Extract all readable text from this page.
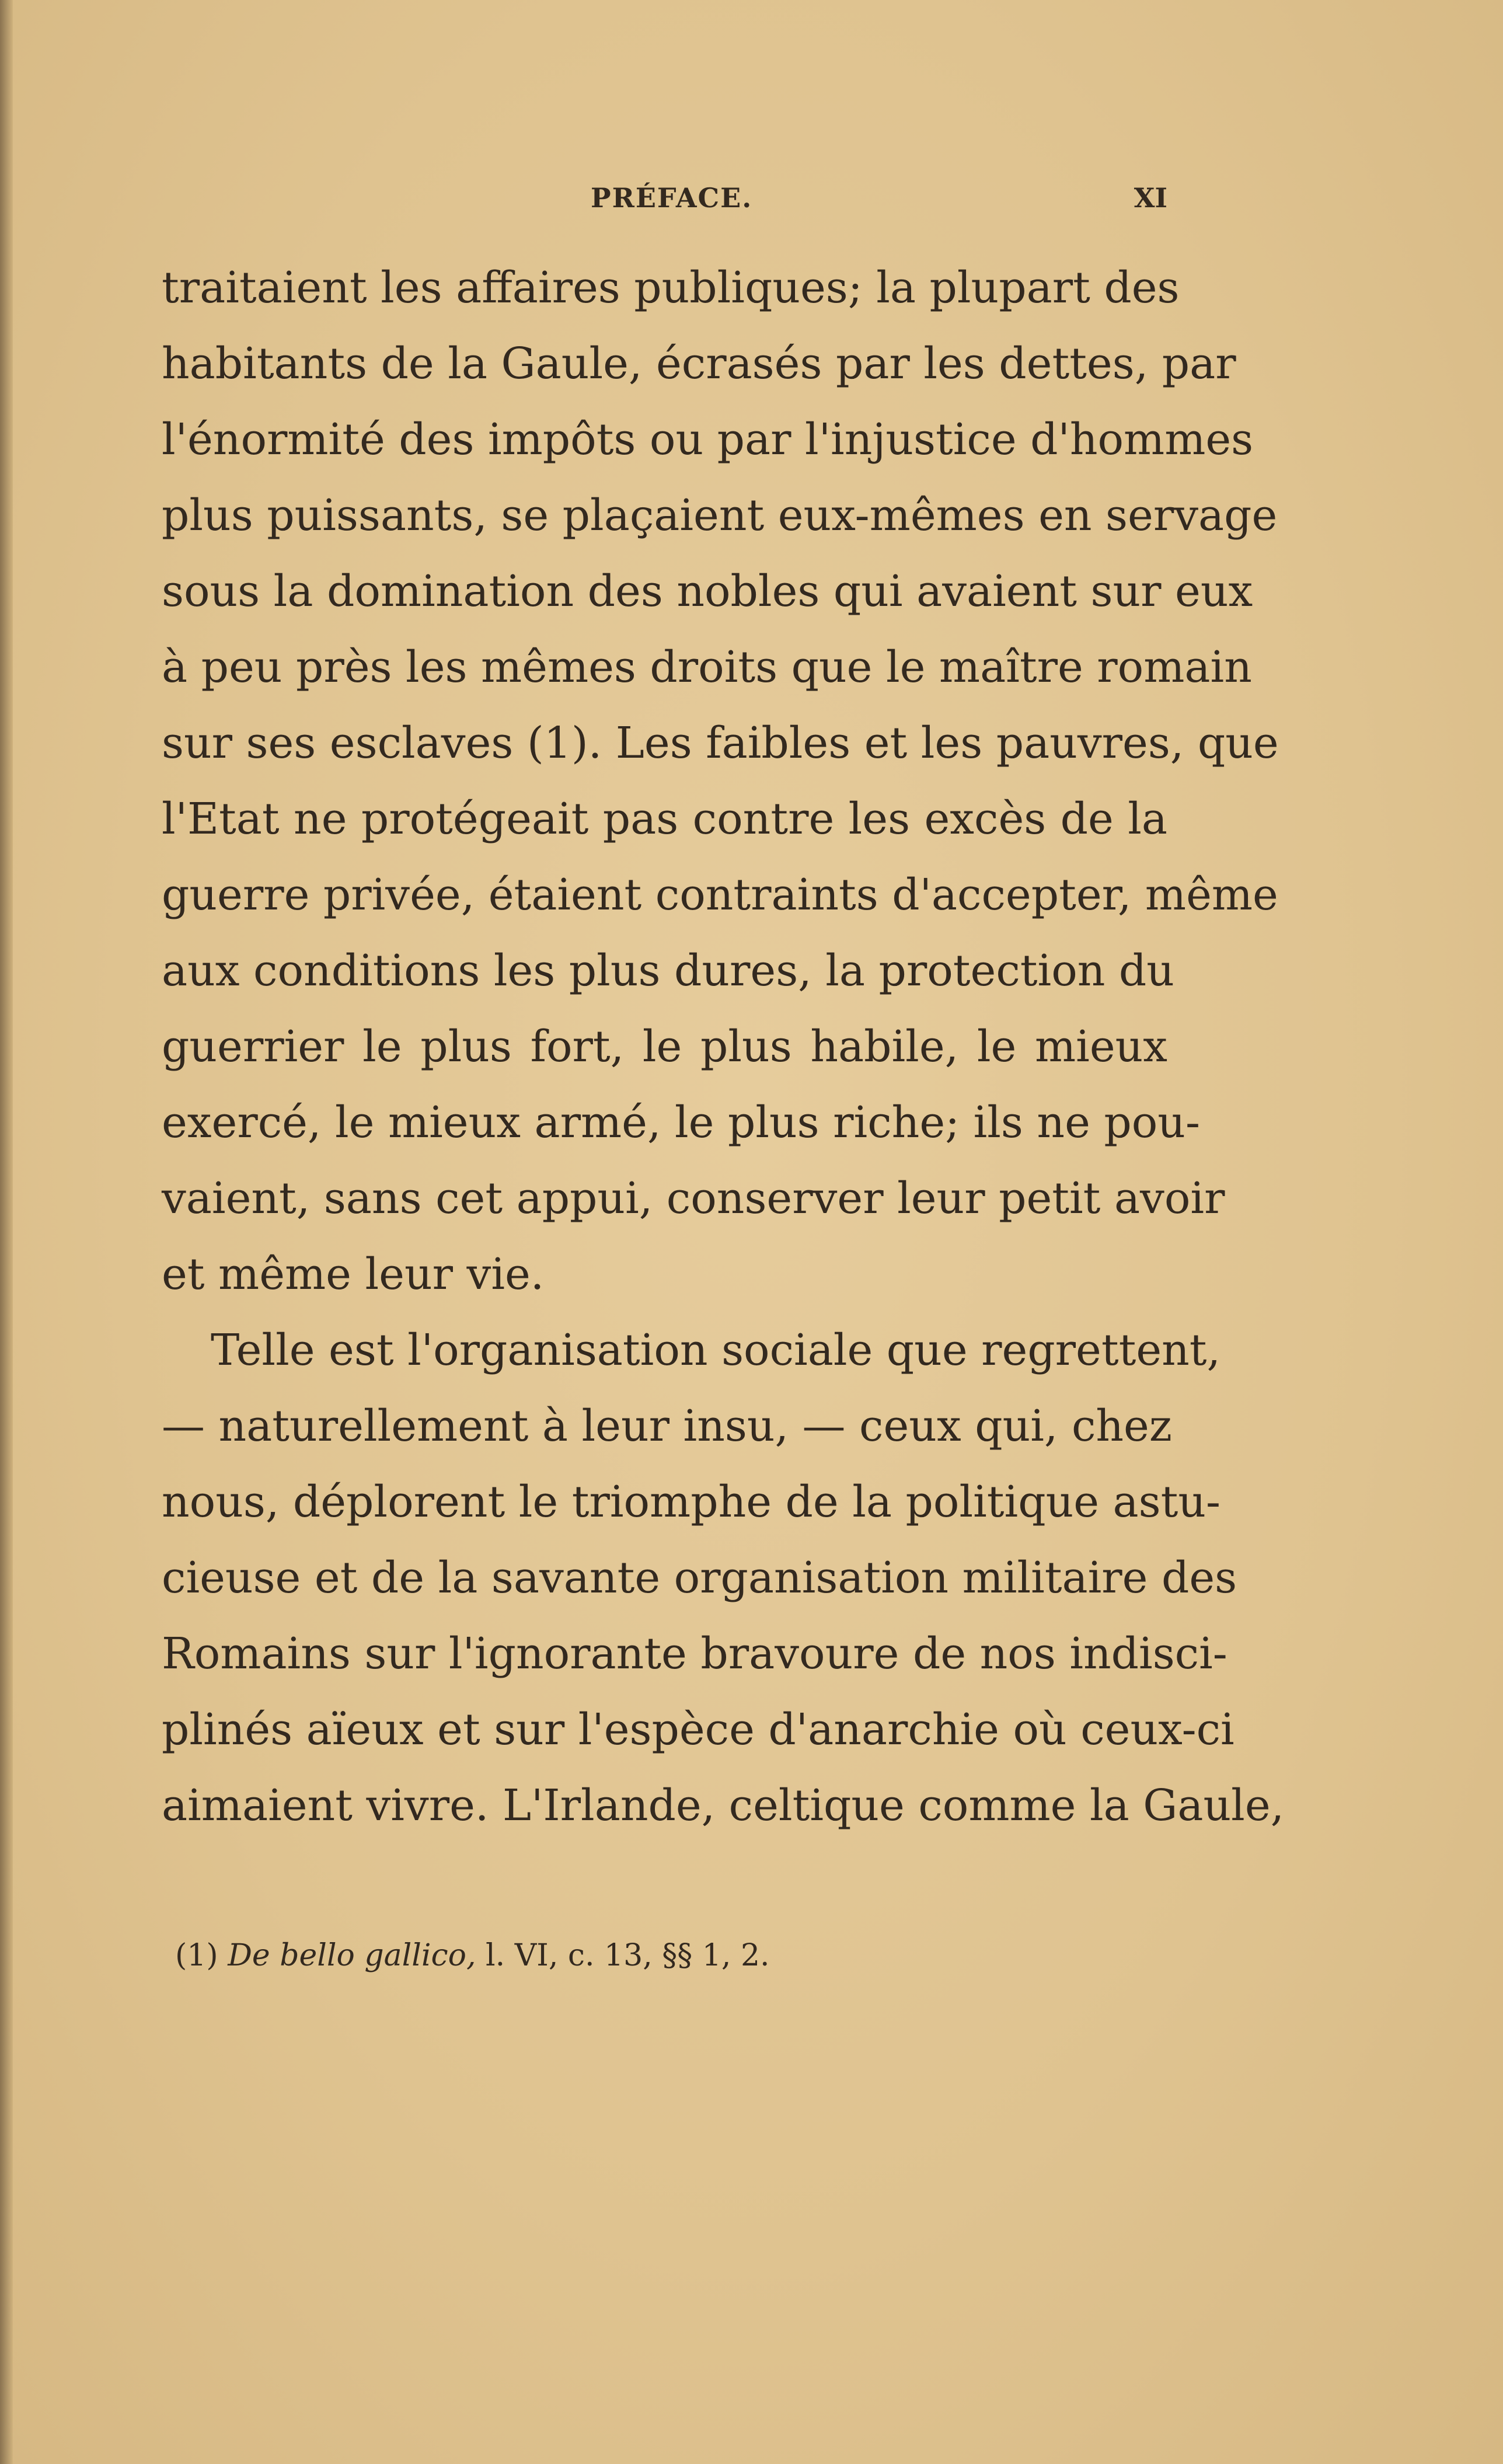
PRÉFACE.	XI
traitaient les affaires publiques; la plupart des
habitants de la Gaule, écrasés par les dettes, par
l'énormité des impôts ou par l'injustice d'hommes
plus puissants, se plaçaient eux-mêmes en servage
sous la domination des nobles qui avaient sur eux
à peu près les mêmes droits que le maître romain
sur ses esclaves (1). Les faibles et les pauvres, que
l'Etat ne protégeait pas contre les excès de la
guerre privée, étaient contraints d'accepter, même
aux conditions les plus dures, la protection du
guerrier le plus fort, le plus habile, le mieux
exercé, le mieux armé, le plus riche; ils ne pou-
vaient, sans cet appui, conserver leur petit avoir
et même leur vie.
Telle est l'organisation sociale que regrettent,
— naturellement à leur insu, — ceux qui, chez
nous, déplorent le triomphe de la politique astu-
cieuse et de la savante organisation militaire des
Romains sur l'ignorante bravoure de nos indisci-
plinés aïeux et sur l'espèce d'anarchie où ceux-ci
aimaient vivre. L'Irlande, celtique comme la Gaule,
(1) De bello gallico, l. VI, c. 13, §§ 1, 2.
